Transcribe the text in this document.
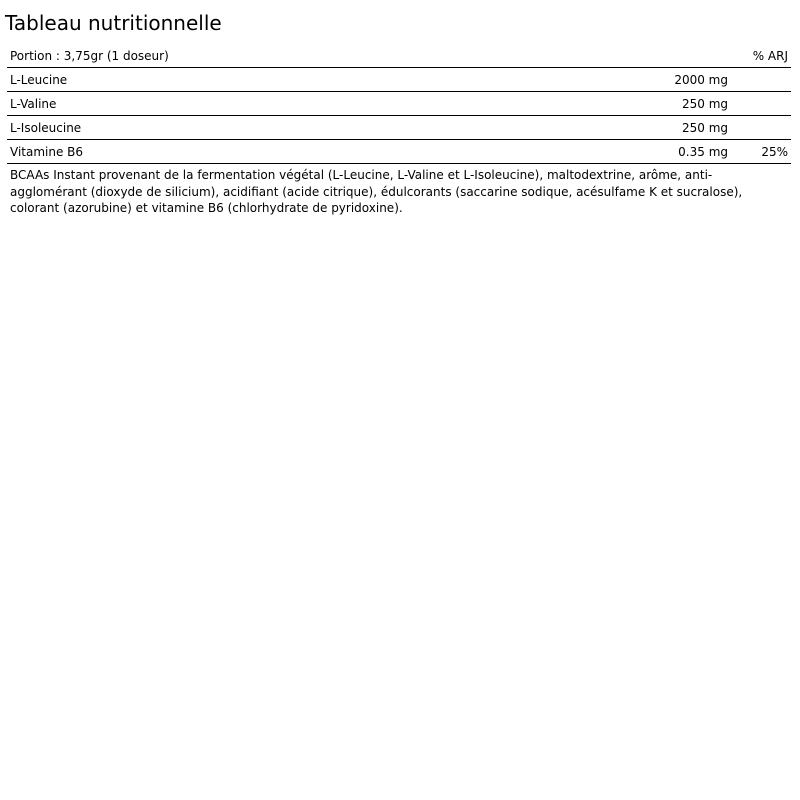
Tableau nutritionnelle
Portion : 3,75gr (1 doseur)		% ARJ
L-Leucine	2000 mg	
L-Valine	250 mg	
L-Isoleucine	250 mg	
Vitamine B6	0.35 mg	25%
BCAAs Instant provenant de la fermentation végétal (L-Leucine, L-Valine et L-Isoleucine), maltodextrine, arôme, anti-agglomérant (dioxyde de silicium), acidifiant (acide citrique), édulcorants (saccarine sodique, acésulfame K et sucralose), colorant (azorubine) et vitamine B6 (chlorhydrate de pyridoxine).
